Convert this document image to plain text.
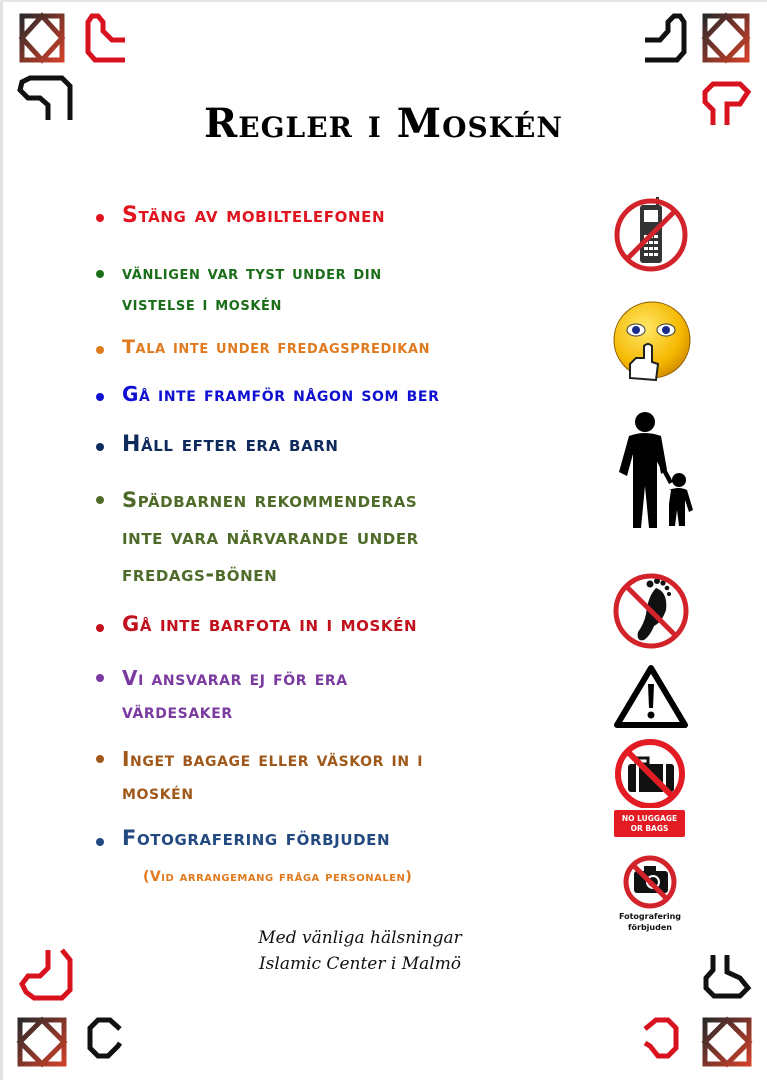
Regler i Moskén
Stäng av mobiltelefonen
vänligen var tyst under din
vistelse i moskén
Tala inte under fredagspredikan
Gå inte framför någon som ber
Håll efter era barn
Spädbarnen rekommenderas
inte vara närvarande under
fredags-bönen
Gå inte barfota in i moskén
Vi ansvarar ej för era
värdesaker
Inget bagage eller väskor in i
moskén
Fotografering förbjuden
(Vid arrangemang fråga personalen)
Med vänliga hälsningar
Islamic Center i Malmö
NO LUGGAGE
OR BAGS
Fotografering
förbjuden
